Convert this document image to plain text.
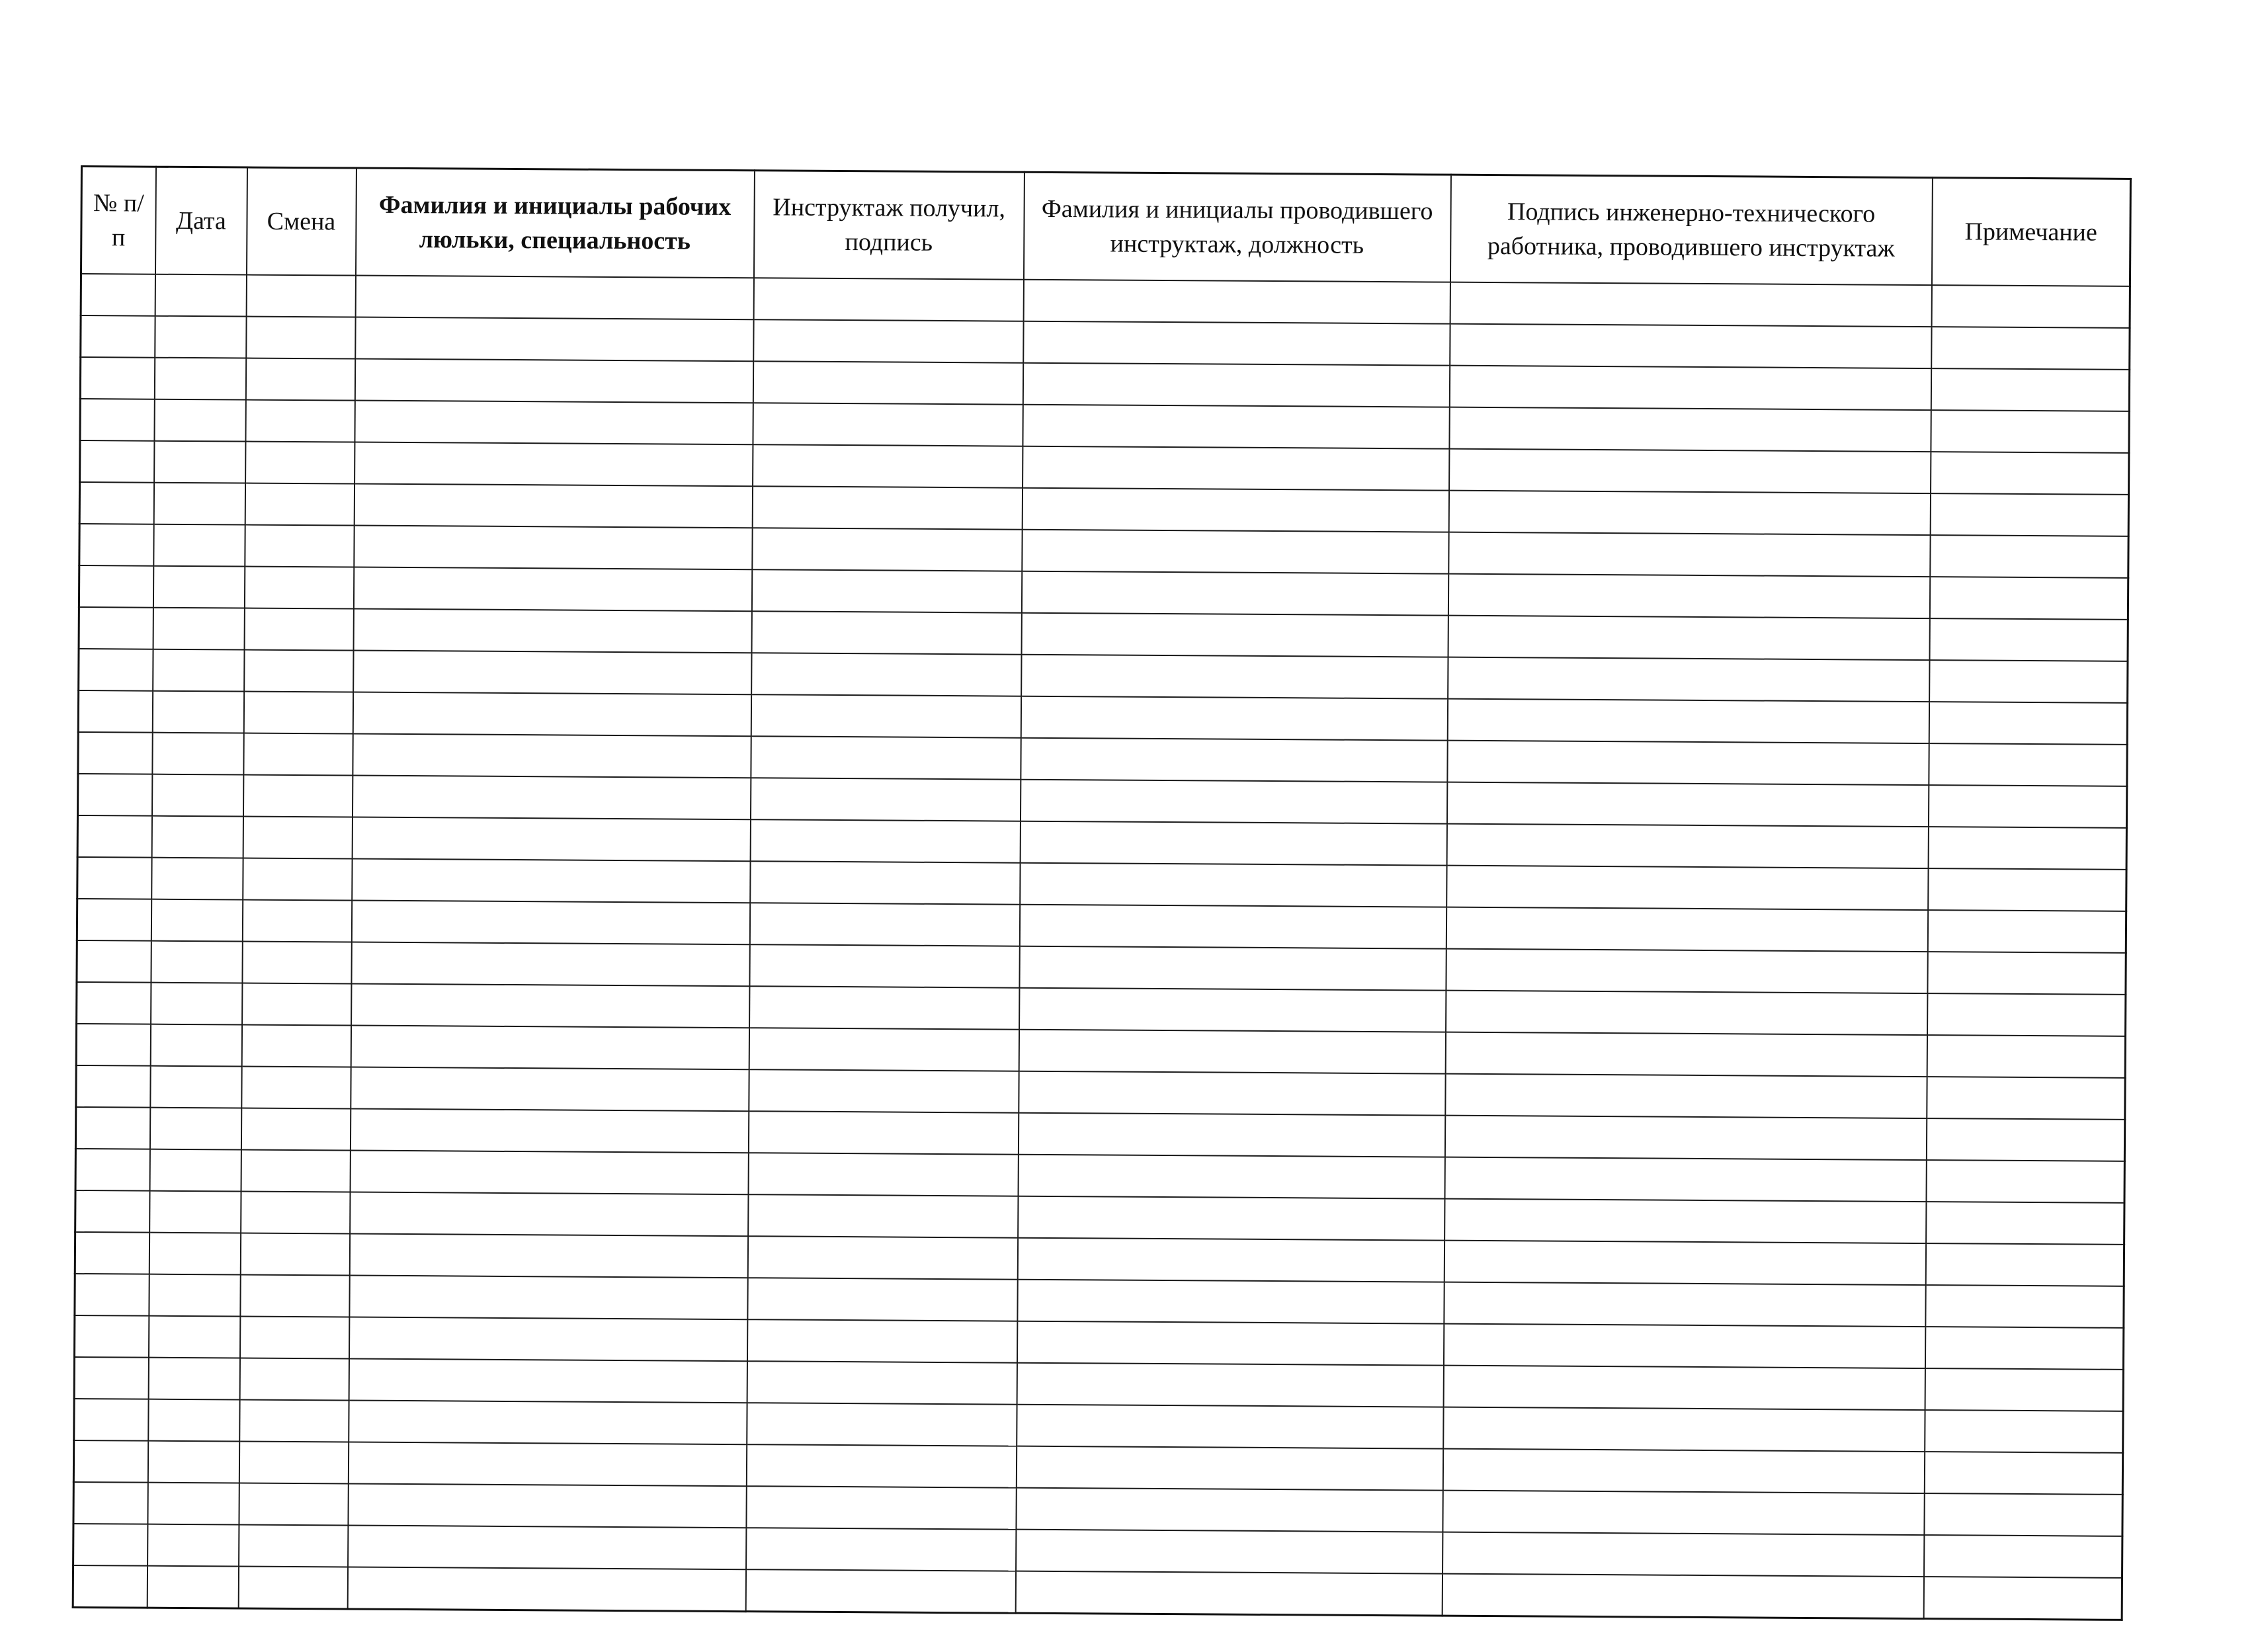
№ п/п	Дата	Смена	Фамилия и инициалы рабочих люльки, специальность	Инструктаж получил, подпись	Фамилия и инициалы проводившего инструктаж, должность	Подпись инженерно-технического работника, проводившего инструктаж	Примечание
